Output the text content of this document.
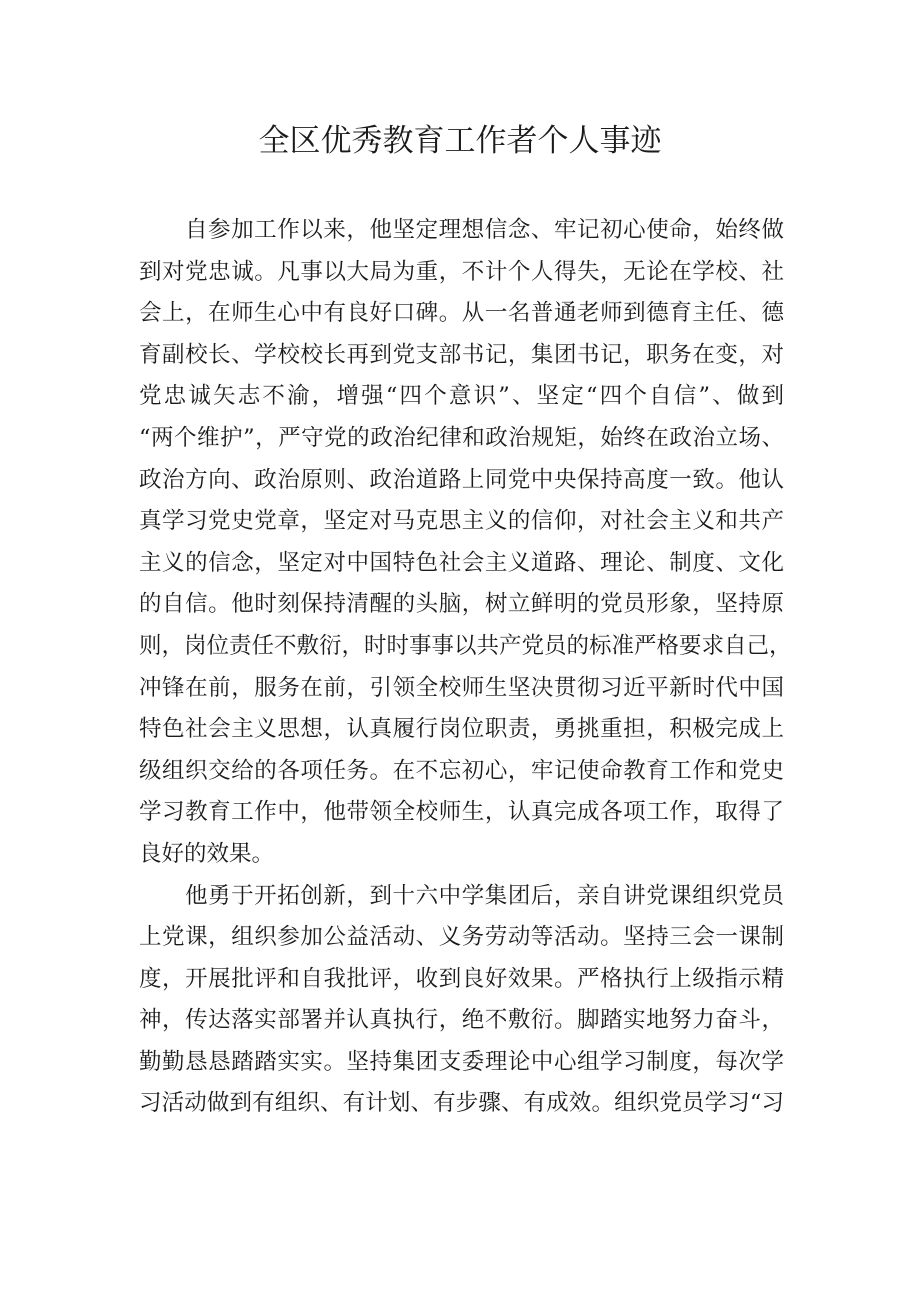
全区优秀教育工作者个人事迹
自参加工作以来，他坚定理想信念、牢记初心使命，始终做
到对党忠诚。凡事以大局为重，不计个人得失，无论在学校、社
会上，在师生心中有良好口碑。从一名普通老师到德育主任、德
育副校长、学校校长再到党支部书记，集团书记，职务在变，对
党忠诚矢志不渝，增强“四个意识”、坚定“四个自信”、做到
“两个维护”，严守党的政治纪律和政治规矩，始终在政治立场、
政治方向、政治原则、政治道路上同党中央保持高度一致。他认
真学习党史党章，坚定对马克思主义的信仰，对社会主义和共产
主义的信念，坚定对中国特色社会主义道路、理论、制度、文化
的自信。他时刻保持清醒的头脑，树立鲜明的党员形象，坚持原
则，岗位责任不敷衍，时时事事以共产党员的标准严格要求自己，
冲锋在前，服务在前，引领全校师生坚决贯彻习近平新时代中国
特色社会主义思想，认真履行岗位职责，勇挑重担，积极完成上
级组织交给的各项任务。在不忘初心，牢记使命教育工作和党史
学习教育工作中，他带领全校师生，认真完成各项工作，取得了
良好的效果。
他勇于开拓创新，到十六中学集团后，亲自讲党课组织党员
上党课，组织参加公益活动、义务劳动等活动。坚持三会一课制
度，开展批评和自我批评，收到良好效果。严格执行上级指示精
神，传达落实部署并认真执行，绝不敷衍。脚踏实地努力奋斗，
勤勤恳恳踏踏实实。坚持集团支委理论中心组学习制度，每次学
习活动做到有组织、有计划、有步骤、有成效。组织党员学习“习
